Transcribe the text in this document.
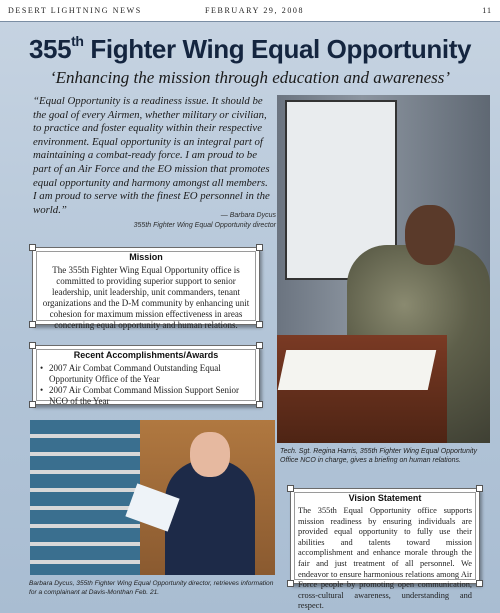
DESERT LIGHTNING NEWS	FEBRUARY 29, 2008	11
355th Fighter Wing Equal Opportunity
‘Enhancing the mission through education and awareness’
“Equal Opportunity is a readiness issue. It should be the goal of every Airmen, whether military or civilian, to practice and foster equality within their respective environment. Equal opportunity is an integral part of maintaining a combat-ready force. I am proud to be part of an Air Force and the EO mission that promotes equal opportunity and harmony amongst all members. I am proud to serve with the finest EO personnel in the world.”	— Barbara Dycus
355th Fighter Wing Equal Opportunity director
Mission

The 355th Fighter Wing Equal Opportunity office is committed to providing superior support to senior leadership, unit leadership, unit commanders, tenant organizations and the D-M community by enhancing unit cohesion for maximum mission effectiveness in areas concerning equal opportunity and human relations.

Recent Accomplishments/Awards
• 2007 Air Combat Command Outstanding Equal Opportunity Office of the Year
• 2007 Air Combat Command Mission Support Senior NCO of the Year
Tech. Sgt. Regina Harris, 355th Fighter Wing Equal Opportunity Office NCO in charge, gives a briefing on human relations.
Barbara Dycus, 355th Fighter Wing Equal Opportunity director, retrieves information for a complainant at Davis-Monthan Feb. 21.
Vision Statement

The 355th Equal Opportunity office supports mission readiness by ensuring individuals are provided equal opportunity to fully use their abilities and talents toward mission accomplishment and enhance morale through the fair and just treatment of all personnel. We endeavor to ensure harmonious relations among Air Force people by promoting open communication, cross-cultural awareness, understanding and respect.
